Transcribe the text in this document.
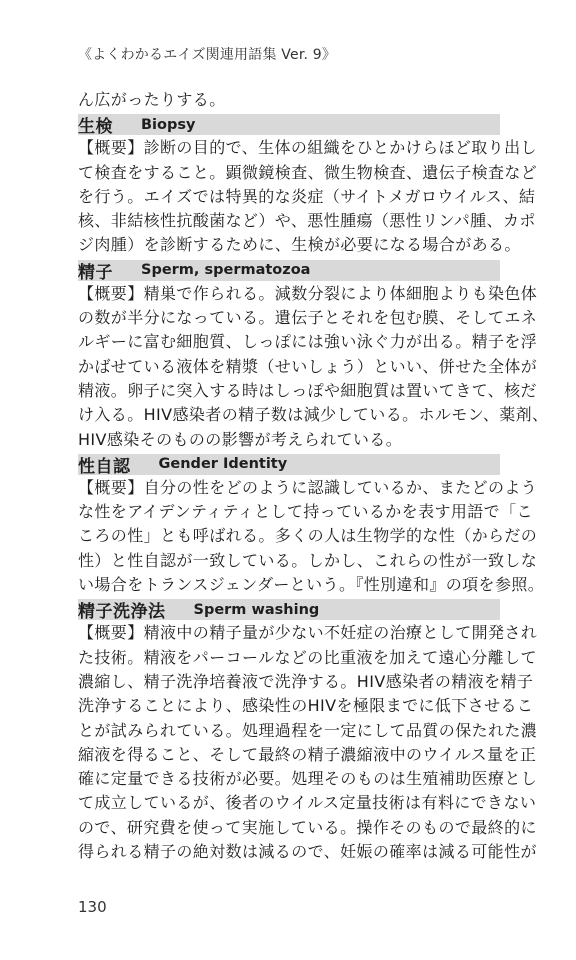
《よくわかるエイズ関連用語集 Ver. 9》
ん広がったりする。
生検 Biopsy
【概要】診断の目的で、生体の組織をひとかけらほど取り出し
て検査をすること。顕微鏡検査、微生物検査、遺伝子検査など
を行う。エイズでは特異的な炎症（サイトメガロウイルス、結
核、非結核性抗酸菌など）や、悪性腫瘍（悪性リンパ腫、カポ
ジ肉腫）を診断するために、生検が必要になる場合がある。
精子 Sperm, spermatozoa
【概要】精巣で作られる。減数分裂により体細胞よりも染色体
の数が半分になっている。遺伝子とそれを包む膜、そしてエネ
ルギーに富む細胞質、しっぽには強い泳ぐ力が出る。精子を浮
かばせている液体を精漿（せいしょう）といい、併せた全体が
精液。卵子に突入する時はしっぽや細胞質は置いてきて、核だ
け入る。HIV感染者の精子数は減少している。ホルモン、薬剤、
HIV感染そのものの影響が考えられている。
性自認 Gender Identity
【概要】自分の性をどのように認識しているか、またどのよう
な性をアイデンティティとして持っているかを表す用語で「こ
ころの性」とも呼ばれる。多くの人は生物学的な性（からだの
性）と性自認が一致している。しかし、これらの性が一致しな
い場合をトランスジェンダーという。『性別違和』の項を参照。
精子洗浄法 Sperm washing
【概要】精液中の精子量が少ない不妊症の治療として開発され
た技術。精液をパーコールなどの比重液を加えて遠心分離して
濃縮し、精子洗浄培養液で洗浄する。HIV感染者の精液を精子
洗浄することにより、感染性のHIVを極限までに低下させるこ
とが試みられている。処理過程を一定にして品質の保たれた濃
縮液を得ること、そして最終の精子濃縮液中のウイルス量を正
確に定量できる技術が必要。処理そのものは生殖補助医療とし
て成立しているが、後者のウイルス定量技術は有料にできない
ので、研究費を使って実施している。操作そのもので最終的に
得られる精子の絶対数は減るので、妊娠の確率は減る可能性が
130
